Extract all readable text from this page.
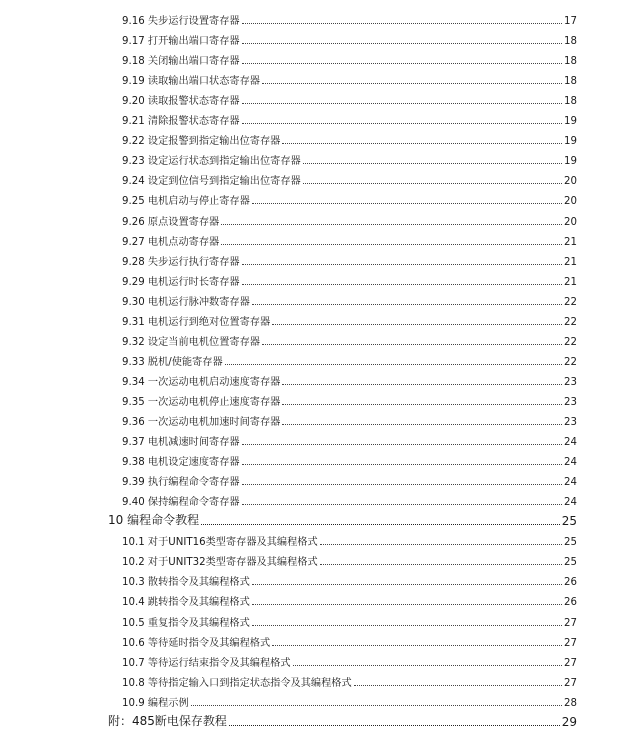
9.16 失步运行设置寄存器	17
9.17 打开输出端口寄存器	18
9.18 关闭输出端口寄存器	18
9.19 读取输出端口状态寄存器	18
9.20 读取报警状态寄存器	18
9.21 清除报警状态寄存器	19
9.22 设定报警到指定输出位寄存器	19
9.23 设定运行状态到指定输出位寄存器	19
9.24 设定到位信号到指定输出位寄存器	20
9.25 电机启动与停止寄存器	20
9.26 原点设置寄存器	20
9.27 电机点动寄存器	21
9.28 失步运行执行寄存器	21
9.29 电机运行时长寄存器	21
9.30 电机运行脉冲数寄存器	22
9.31 电机运行到绝对位置寄存器	22
9.32 设定当前电机位置寄存器	22
9.33 脱机/使能寄存器	22
9.34 一次运动电机启动速度寄存器	23
9.35 一次运动电机停止速度寄存器	23
9.36 一次运动电机加速时间寄存器	23
9.37 电机减速时间寄存器	24
9.38 电机设定速度寄存器	24
9.39 执行编程命令寄存器	24
9.40 保持编程命令寄存器	24
10 编程命令教程	25
10.1 对于UNIT16类型寄存器及其编程格式	25
10.2 对于UNIT32类型寄存器及其编程格式	25
10.3 散转指令及其编程格式	26
10.4 跳转指令及其编程格式	26
10.5 重复指令及其编程格式	27
10.6 等待延时指令及其编程格式	27
10.7 等待运行结束指令及其编程格式	27
10.8 等待指定输入口到指定状态指令及其编程格式	27
10.9 编程示例	28
附：485断电保存教程	29
